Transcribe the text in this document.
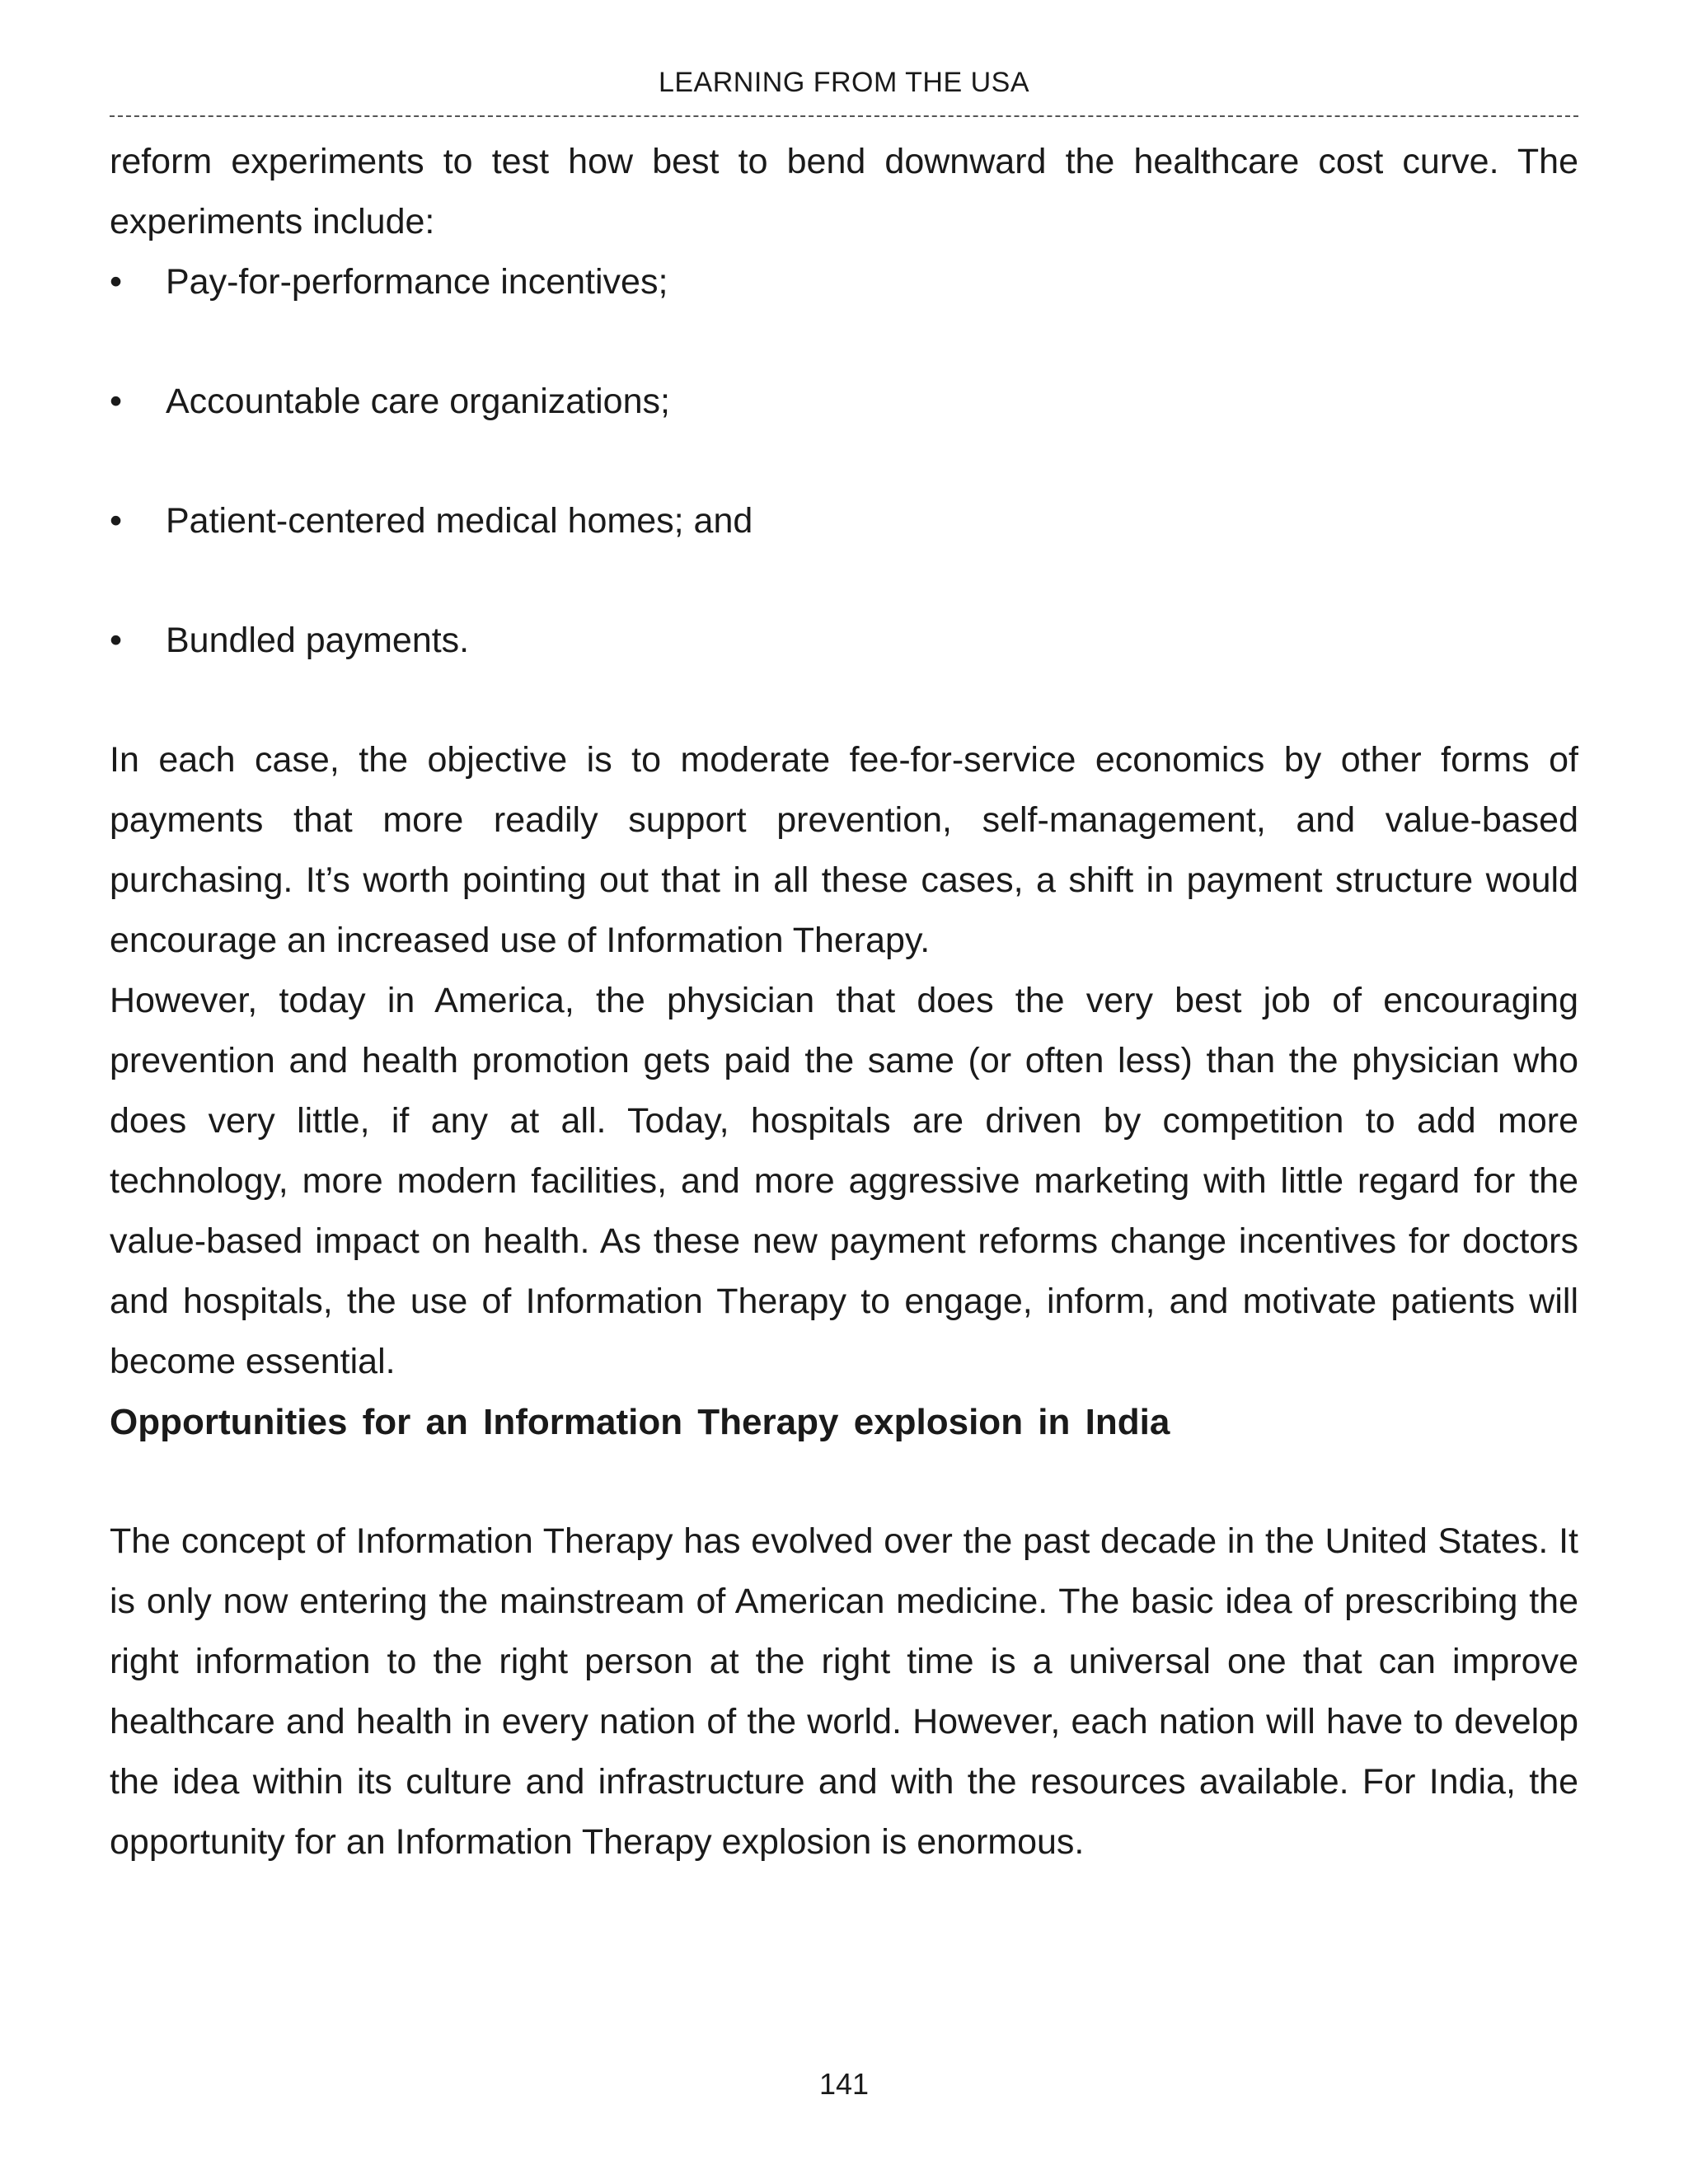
LEARNING FROM THE USA

reform experiments to test how best to bend downward the healthcare cost curve. The experiments include:

• Pay-for-performance incentives;
• Accountable care organizations;
• Patient-centered medical homes; and
• Bundled payments.

In each case, the objective is to moderate fee-for-service economics by other forms of payments that more readily support prevention, self-management, and value-based purchasing. It’s worth pointing out that in all these cases, a shift in payment structure would encourage an increased use of Information Therapy.

However, today in America, the physician that does the very best job of encouraging prevention and health promotion gets paid the same (or often less) than the physician who does very little, if any at all. Today, hospitals are driven by competition to add more technology, more modern facilities, and more aggressive marketing with little regard for the value-based impact on health. As these new payment reforms change incentives for doctors and hospitals, the use of Information Therapy to engage, inform, and motivate patients will become essential.

Opportunities for an Information Therapy explosion in India

The concept of Information Therapy has evolved over the past decade in the United States. It is only now entering the mainstream of American medicine. The basic idea of prescribing the right information to the right person at the right time is a universal one that can improve healthcare and health in every nation of the world. However, each nation will have to develop the idea within its culture and infrastructure and with the resources available. For India, the opportunity for an Information Therapy explosion is enormous.

141
